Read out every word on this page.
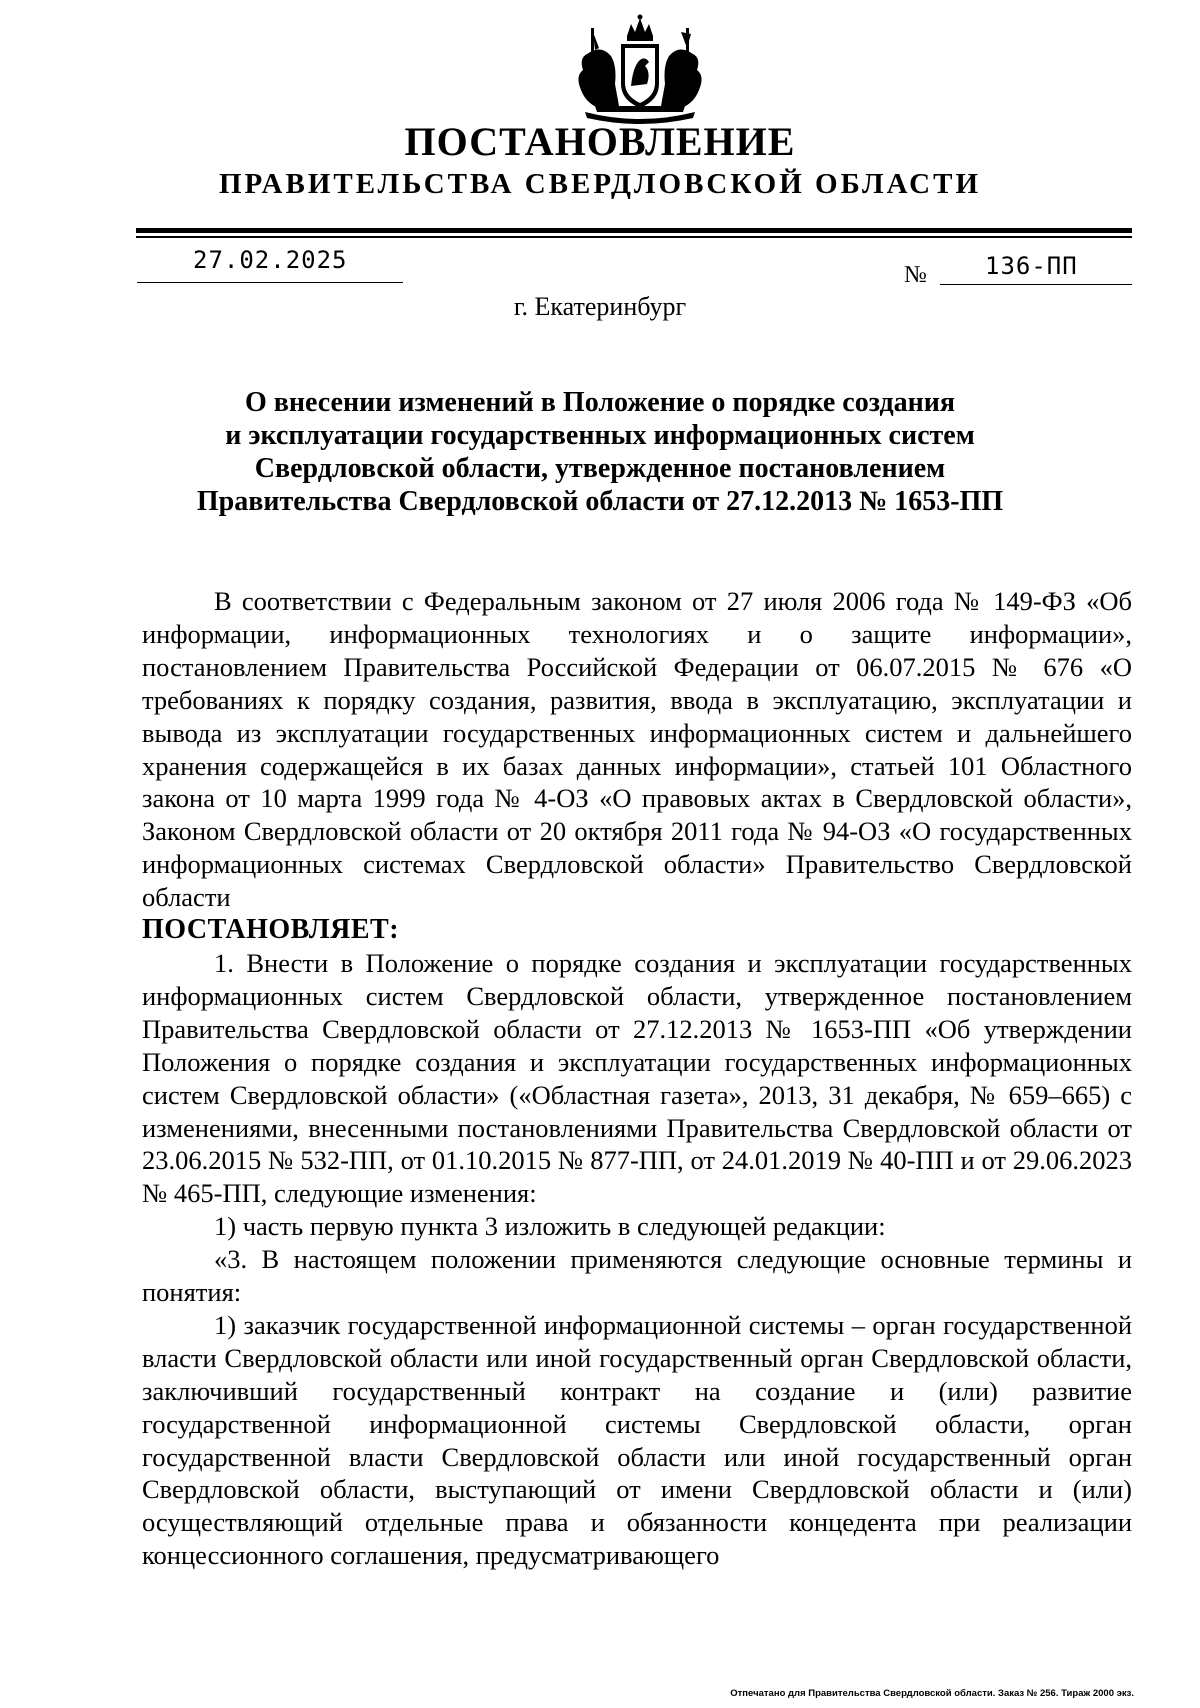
ПОСТАНОВЛЕНИЕ
ПРАВИТЕЛЬСТВА СВЕРДЛОВСКОЙ ОБЛАСТИ
27.02.2025
№ 136-ПП
г. Екатеринбург
О внесении изменений в Положение о порядке создания
и эксплуатации государственных информационных систем
Свердловской области, утвержденное постановлением
Правительства Свердловской области от 27.12.2013 № 1653-ПП

В соответствии с Федеральным законом от 27 июля 2006 года № 149-ФЗ «Об информации, информационных технологиях и о защите информации», постановлением Правительства Российской Федерации от 06.07.2015 № 676 «О требованиях к порядку создания, развития, ввода в эксплуатацию, эксплуатации и вывода из эксплуатации государственных информационных систем и дальнейшего хранения содержащейся в их базах данных информации», статьей 101 Областного закона от 10 марта 1999 года № 4-ОЗ «О правовых актах в Свердловской области», Законом Свердловской области от 20 октября 2011 года № 94-ОЗ «О государственных информационных системах Свердловской области» Правительство Свердловской области

ПОСТАНОВЛЯЕТ:

1. Внести в Положение о порядке создания и эксплуатации государственных информационных систем Свердловской области, утвержденное постановлением Правительства Свердловской области от 27.12.2013 № 1653-ПП «Об утверждении Положения о порядке создания и эксплуатации государственных информационных систем Свердловской области» («Областная газета», 2013, 31 декабря, № 659–665) с изменениями, внесенными постановлениями Правительства Свердловской области от 23.06.2015 № 532-ПП, от 01.10.2015 № 877-ПП, от 24.01.2019 № 40-ПП и от 29.06.2023 № 465-ПП, следующие изменения:

1) часть первую пункта 3 изложить в следующей редакции:

«3. В настоящем положении применяются следующие основные термины и понятия:

1) заказчик государственной информационной системы – орган государственной власти Свердловской области или иной государственный орган Свердловской области, заключивший государственный контракт на создание и (или) развитие государственной информационной системы Свердловской области, орган государственной власти Свердловской области или иной государственный орган Свердловской области, выступающий от имени Свердловской области и (или) осуществляющий отдельные права и обязанности концедента при реализации концессионного соглашения, предусматривающего

Отпечатано для Правительства Свердловской области. Заказ № 256. Тираж 2000 экз.
